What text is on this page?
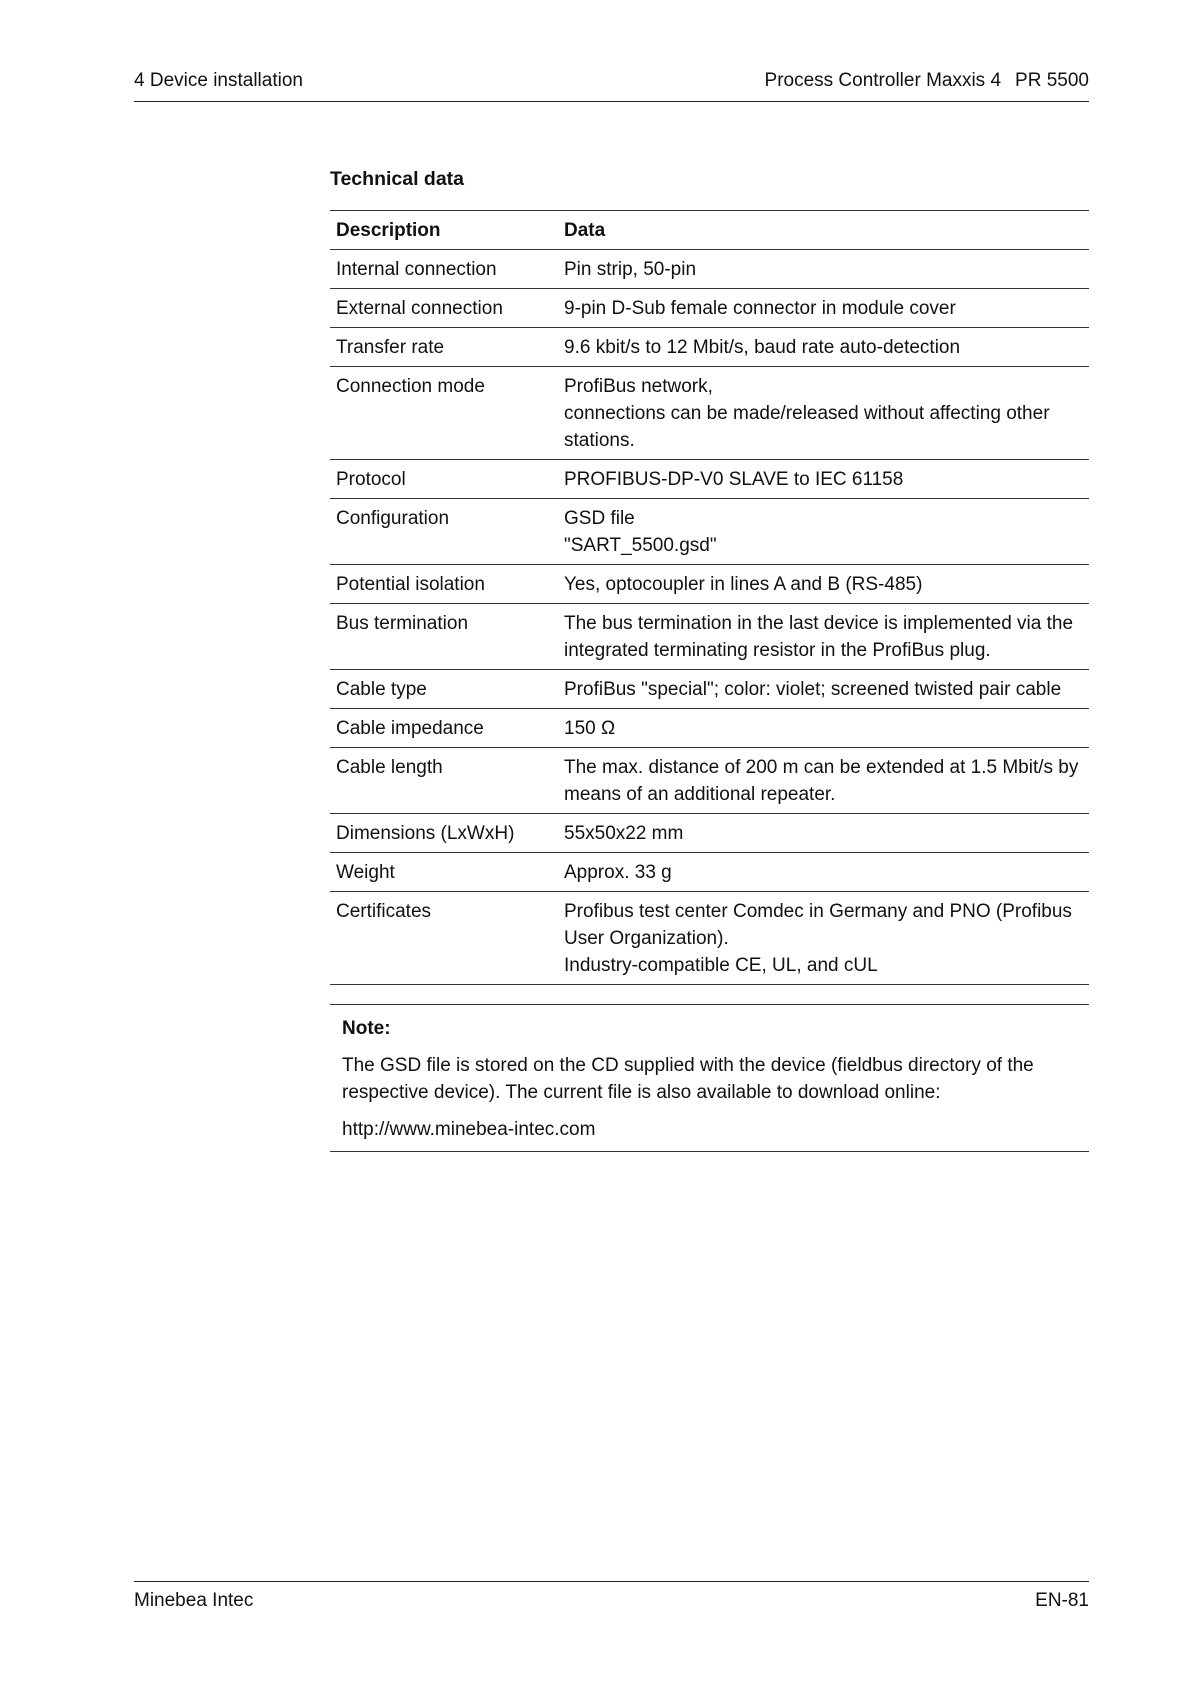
4 Device installation	Process Controller Maxxis 4 PR 5500
Technical data
Description	Data
Internal connection	Pin strip, 50-pin
External connection	9-pin D-Sub female connector in module cover
Transfer rate	9.6 kbit/s to 12 Mbit/s, baud rate auto-detection
Connection mode	ProfiBus network,
connections can be made/released without affecting other stations.
Protocol	PROFIBUS-DP-V0 SLAVE to IEC 61158
Configuration	GSD file
"SART_5500.gsd"
Potential isolation	Yes, optocoupler in lines A and B (RS-485)
Bus termination	The bus termination in the last device is implemented via the integrated terminating resistor in the ProfiBus plug.
Cable type	ProfiBus "special"; color: violet; screened twisted pair cable
Cable impedance	150 Ω
Cable length	The max. distance of 200 m can be extended at 1.5 Mbit/s by means of an additional repeater.
Dimensions (LxWxH)	55x50x22 mm
Weight	Approx. 33 g
Certificates	Profibus test center Comdec in Germany and PNO (Profibus User Organization).
Industry-compatible CE, UL, and cUL
Note:

The GSD file is stored on the CD supplied with the device (fieldbus directory of the respective device). The current file is also available to download online:

http://www.minebea-intec.com

Minebea Intec	EN-81
